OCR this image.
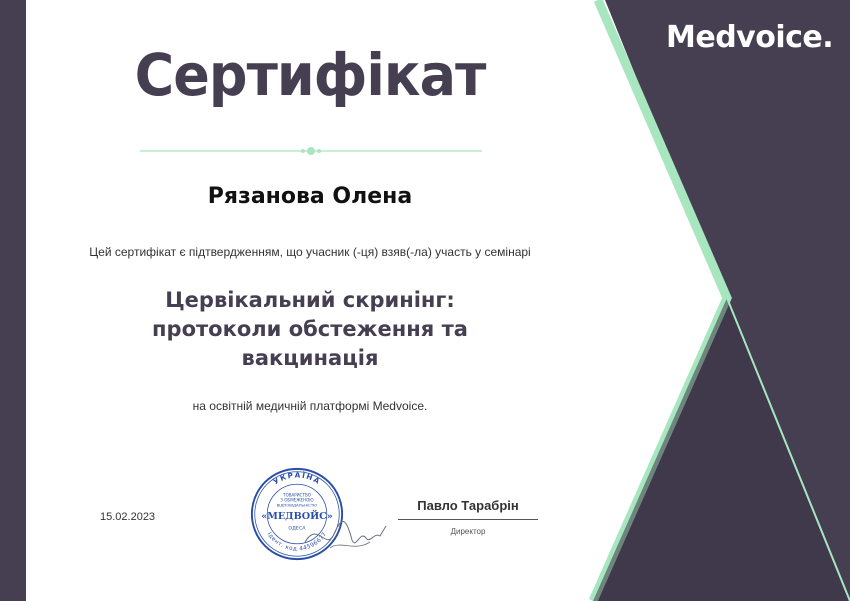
Medvoice.
Сертифікат
Рязанова Олена
Цей сертифікат є підтвердженням, що учасник (-ця) взяв(-ла) участь у семінарі
Цервікальний скринінг:
протоколи обстеження та
вакцинація
на освітній медичній платформі Medvoice.
15.02.2023
УКРАЇНА
Ідент. код 44596677
ТОВАРИСТВО
З ОБМЕЖЕНОЮ
ВІДПОВІДАЛЬНІСТЮ
«МЕДВОЙС»
ОДЕСА
Павло Тарабрін
Директор
